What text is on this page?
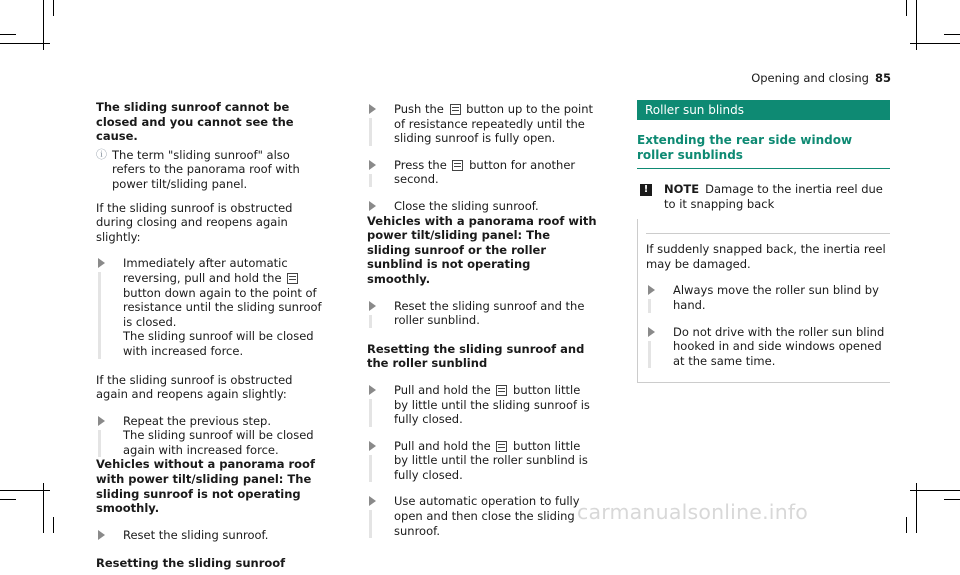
Opening and closing 85

The sliding sunroof cannot be closed and you cannot see the cause.

ⓘ The term "sliding sunroof" also refers to the panorama roof with power tilt/sliding panel.

If the sliding sunroof is obstructed during closing and reopens again slightly:

Immediately after automatic reversing, pull and hold the  button down again to the point of resistance until the sliding sunroof is closed.
The sliding sunroof will be closed with increased force.

If the sliding sunroof is obstructed again and reopens again slightly:

Repeat the previous step.
The sliding sunroof will be closed again with increased force.

Vehicles without a panorama roof with power tilt/sliding panel: The sliding sunroof is not operating smoothly.

Reset the sliding sunroof.

Resetting the sliding sunroof

Push the button up to the point of resistance repeatedly until the sliding sunroof is fully open.
Press the button for another second.
Close the sliding sunroof.

Vehicles with a panorama roof with power tilt/sliding panel: The sliding sunroof or the roller sunblind is not operating smoothly.

Reset the sliding sunroof and the roller sunblind.

Resetting the sliding sunroof and the roller sunblind

Pull and hold the button little by little until the sliding sunroof is fully closed.
Pull and hold the button little by little until the roller sunblind is fully closed.
Use automatic operation to fully open and then close the sliding sunroof.
Roller sun blinds
Extending the rear side window roller sunblinds
!	NOTE Damage to the inertia reel due to it snapping back

If suddenly snapped back, the inertia reel may be damaged.

Always move the roller sun blind by hand.
Do not drive with the roller sun blind hooked in and side windows opened at the same time.
carmanualsonline.info
